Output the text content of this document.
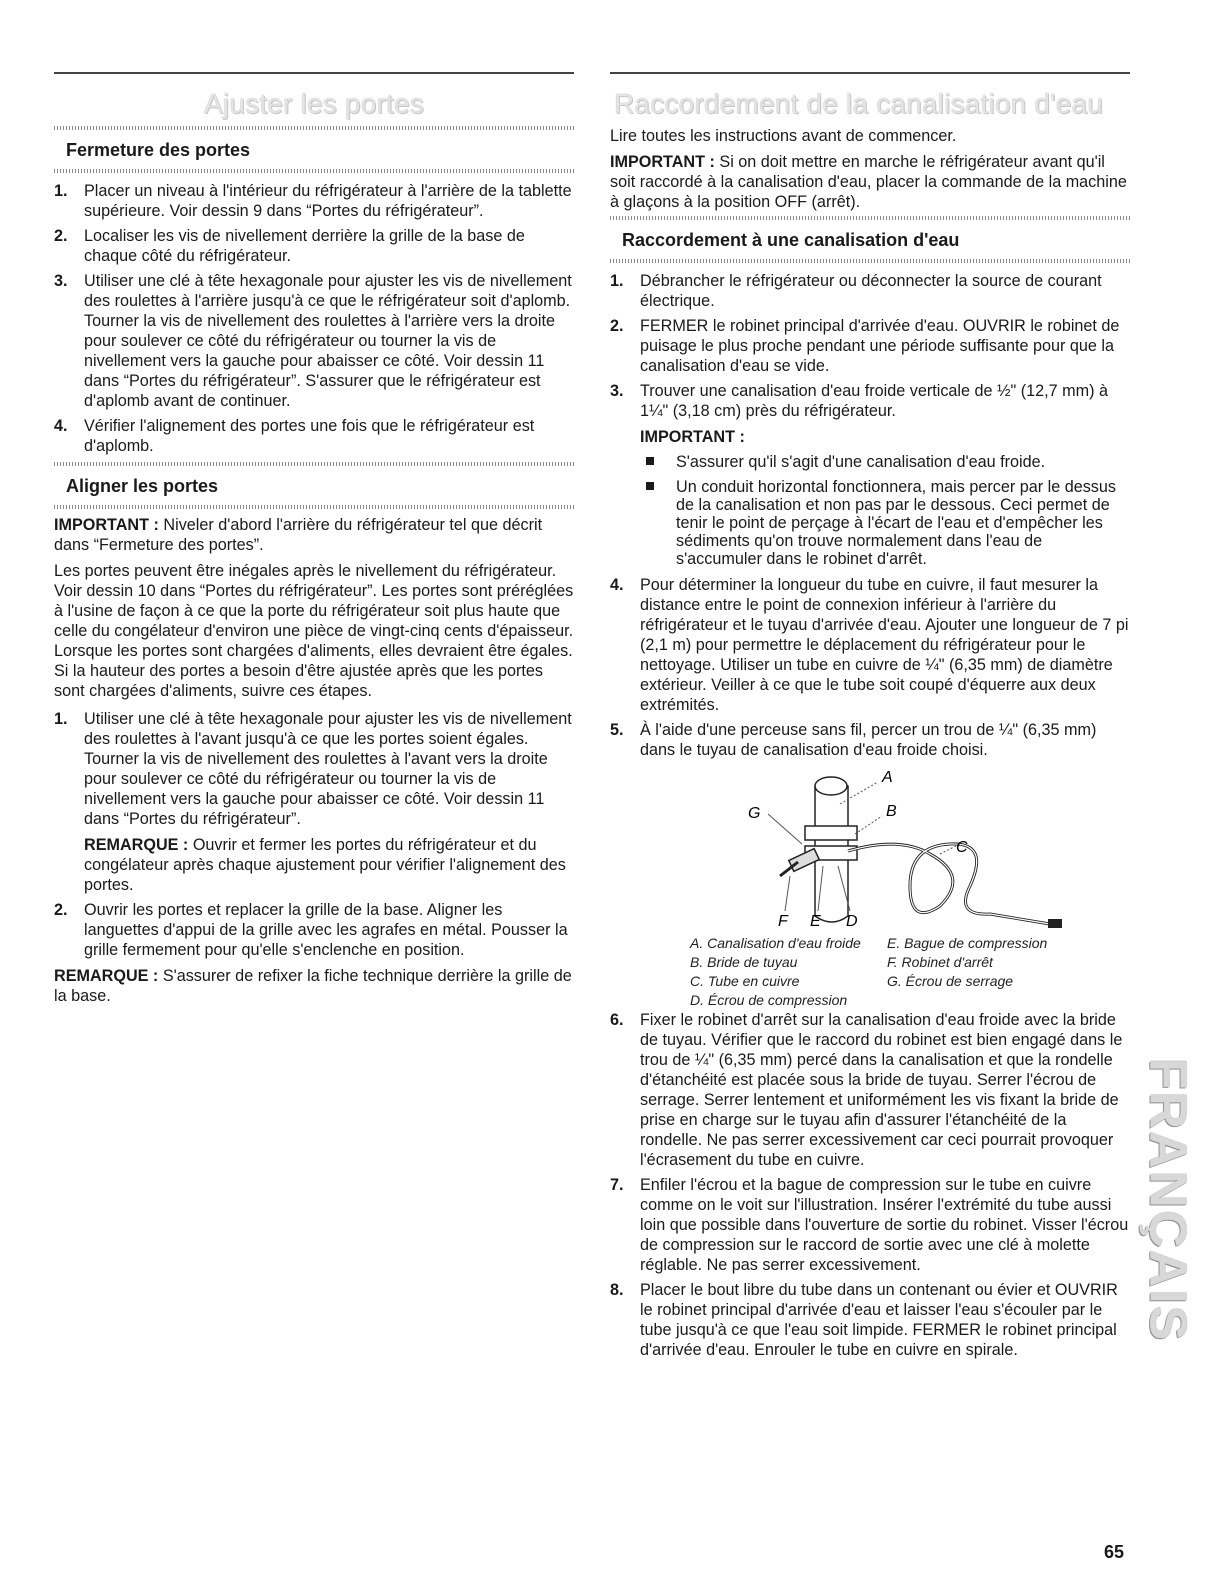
Ajuster les portes
Fermeture des portes
1. Placer un niveau à l'intérieur du réfrigérateur à l'arrière de la tablette supérieure. Voir dessin 9 dans “Portes du réfrigérateur”.
2. Localiser les vis de nivellement derrière la grille de la base de chaque côté du réfrigérateur.
3. Utiliser une clé à tête hexagonale pour ajuster les vis de nivellement des roulettes à l'arrière jusqu'à ce que le réfrigérateur soit d'aplomb. Tourner la vis de nivellement des roulettes à l'arrière vers la droite pour soulever ce côté du réfrigérateur ou tourner la vis de nivellement vers la gauche pour abaisser ce côté. Voir dessin 11 dans “Portes du réfrigérateur”. S'assurer que le réfrigérateur est d'aplomb avant de continuer.
4. Vérifier l'alignement des portes une fois que le réfrigérateur est d'aplomb.
Aligner les portes

IMPORTANT : Niveler d'abord l'arrière du réfrigérateur tel que décrit dans “Fermeture des portes”.

Les portes peuvent être inégales après le nivellement du réfrigérateur. Voir dessin 10 dans “Portes du réfrigérateur”. Les portes sont préréglées à l'usine de façon à ce que la porte du réfrigérateur soit plus haute que celle du congélateur d'environ une pièce de vingt-cinq cents d'épaisseur. Lorsque les portes sont chargées d'aliments, elles devraient être égales. Si la hauteur des portes a besoin d'être ajustée après que les portes sont chargées d'aliments, suivre ces étapes.

1. Utiliser une clé à tête hexagonale pour ajuster les vis de nivellement des roulettes à l'avant jusqu'à ce que les portes soient égales. Tourner la vis de nivellement des roulettes à l'avant vers la droite pour soulever ce côté du réfrigérateur ou tourner la vis de nivellement vers la gauche pour abaisser ce côté. Voir dessin 11 dans “Portes du réfrigérateur”.
REMARQUE : Ouvrir et fermer les portes du réfrigérateur et du congélateur après chaque ajustement pour vérifier l'alignement des portes.
2. Ouvrir les portes et replacer la grille de la base. Aligner les languettes d'appui de la grille avec les agrafes en métal. Pousser la grille fermement pour qu'elle s'enclenche en position.

REMARQUE : S'assurer de refixer la fiche technique derrière la grille de la base.

Raccordement de la canalisation d'eau

Lire toutes les instructions avant de commencer.

IMPORTANT : Si on doit mettre en marche le réfrigérateur avant qu'il soit raccordé à la canalisation d'eau, placer la commande de la machine à glaçons à la position OFF (arrêt).

Raccordement à une canalisation d'eau
1. Débrancher le réfrigérateur ou déconnecter la source de courant électrique.
2. FERMER le robinet principal d'arrivée d'eau. OUVRIR le robinet de puisage le plus proche pendant une période suffisante pour que la canalisation d'eau se vide.
3. Trouver une canalisation d'eau froide verticale de ½" (12,7 mm) à 1¼" (3,18 cm) près du réfrigérateur.
IMPORTANT :
S'assurer qu'il s'agit d'une canalisation d'eau froide.
Un conduit horizontal fonctionnera, mais percer par le dessus de la canalisation et non pas par le dessous. Ceci permet de tenir le point de perçage à l'écart de l'eau et d'empêcher les sédiments qu'on trouve normalement dans l'eau de s'accumuler dans le robinet d'arrêt.
4. Pour déterminer la longueur du tube en cuivre, il faut mesurer la distance entre le point de connexion inférieur à l'arrière du réfrigérateur et le tuyau d'arrivée d'eau. Ajouter une longueur de 7 pi (2,1 m) pour permettre le déplacement du réfrigérateur pour le nettoyage. Utiliser un tube en cuivre de ¼" (6,35 mm) de diamètre extérieur. Veiller à ce que le tube soit coupé d'équerre aux deux extrémités.
5. À l'aide d'une perceuse sans fil, percer un trou de ¼" (6,35 mm) dans le tuyau de canalisation d'eau froide choisi.
A
B
C
G
F E D
A. Canalisation d'eau froide
B. Bride de tuyau
C. Tube en cuivre
D. Écrou de compression
E. Bague de compression
F. Robinet d'arrêt
G. Écrou de serrage
6. Fixer le robinet d'arrêt sur la canalisation d'eau froide avec la bride de tuyau. Vérifier que le raccord du robinet est bien engagé dans le trou de ¼" (6,35 mm) percé dans la canalisation et que la rondelle d'étanchéité est placée sous la bride de tuyau. Serrer l'écrou de serrage. Serrer lentement et uniformément les vis fixant la bride de prise en charge sur le tuyau afin d'assurer l'étanchéité de la rondelle. Ne pas serrer excessivement car ceci pourrait provoquer l'écrasement du tube en cuivre.
7. Enfiler l'écrou et la bague de compression sur le tube en cuivre comme on le voit sur l'illustration. Insérer l'extrémité du tube aussi loin que possible dans l'ouverture de sortie du robinet. Visser l'écrou de compression sur le raccord de sortie avec une clé à molette réglable. Ne pas serrer excessivement.
8. Placer le bout libre du tube dans un contenant ou évier et OUVRIR le robinet principal d'arrivée d'eau et laisser l'eau s'écouler par le tube jusqu'à ce que l'eau soit limpide. FERMER le robinet principal d'arrivée d'eau. Enrouler le tube en cuivre en spirale.
FRANÇAIS
65
